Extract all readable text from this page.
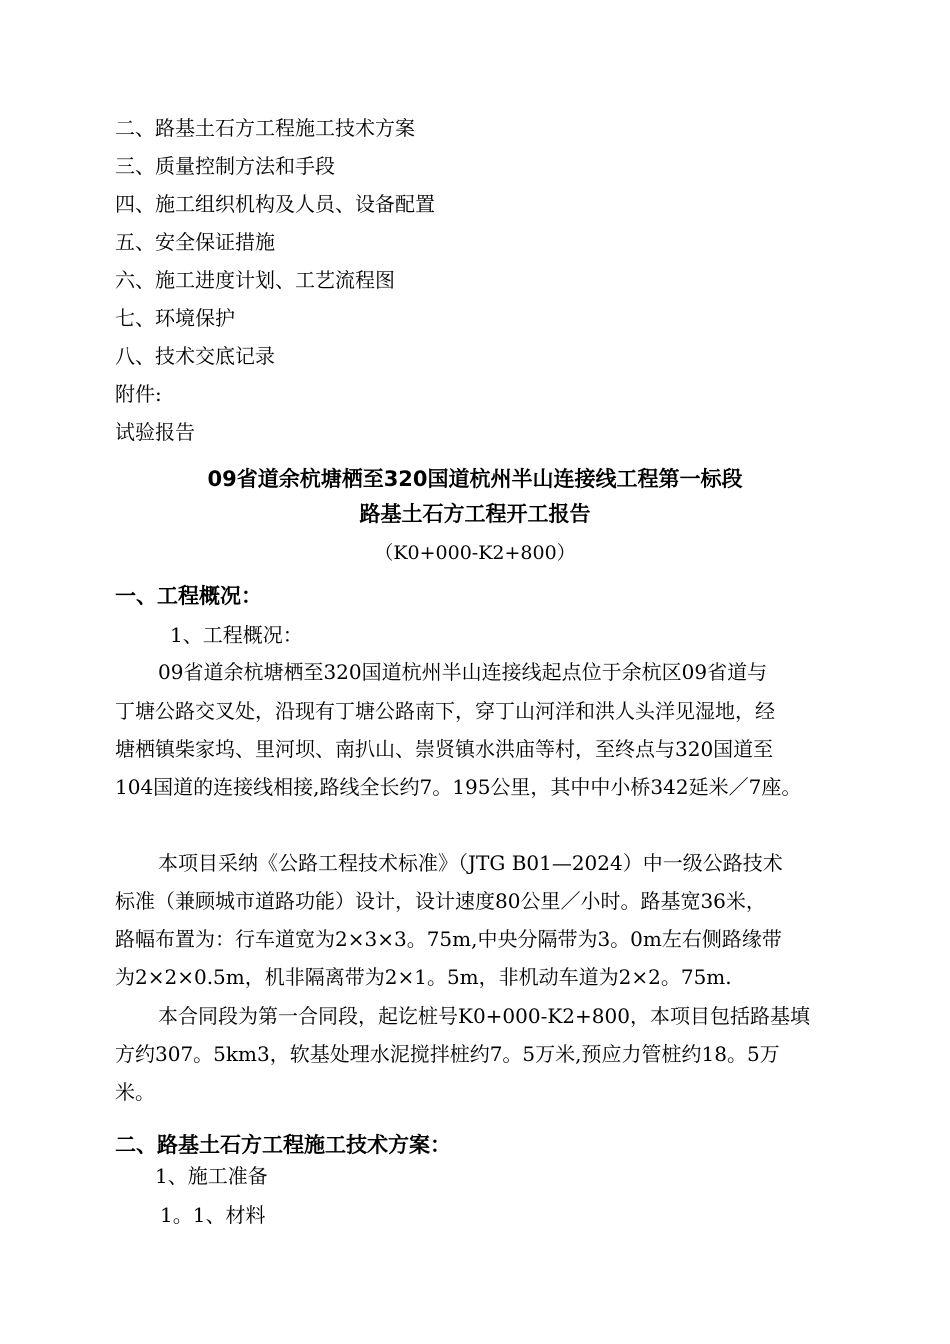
二、路基土石方工程施工技术方案
三、质量控制方法和手段
四、施工组织机构及人员、设备配置
五、安全保证措施
六、施工进度计划、工艺流程图
七、环境保护
八、技术交底记录
附件:
试验报告
09省道余杭塘栖至320国道杭州半山连接线工程第一标段
路基土石方工程开工报告
（K0+000-K2+800）
一、工程概况：
1、工程概况：
09省道余杭塘栖至320国道杭州半山连接线起点位于余杭区09省道与
丁塘公路交叉处，沿现有丁塘公路南下，穿丁山河洋和洪人头洋见湿地，经
塘栖镇柴家坞、里河坝、南扒山、崇贤镇水洪庙等村，至终点与320国道至
104国道的连接线相接,路线全长约7。195公里，其中中小桥342延米／7座。
本项目采纳《公路工程技术标准》（JTG B01—2024）中一级公路技术
标准（兼顾城市道路功能）设计，设计速度80公里／小时。路基宽36米，
路幅布置为：行车道宽为2×3×3。75m,中央分隔带为3。0m左右侧路缘带
为2×2×0.5m，机非隔离带为2×1。5m，非机动车道为2×2。75m.
本合同段为第一合同段，起讫桩号K0+000-K2+800，本项目包括路基填
方约307。5km3，软基处理水泥搅拌桩约7。5万米,预应力管桩约18。5万
米。
二、路基土石方工程施工技术方案：
1、施工准备
1。1、材料
